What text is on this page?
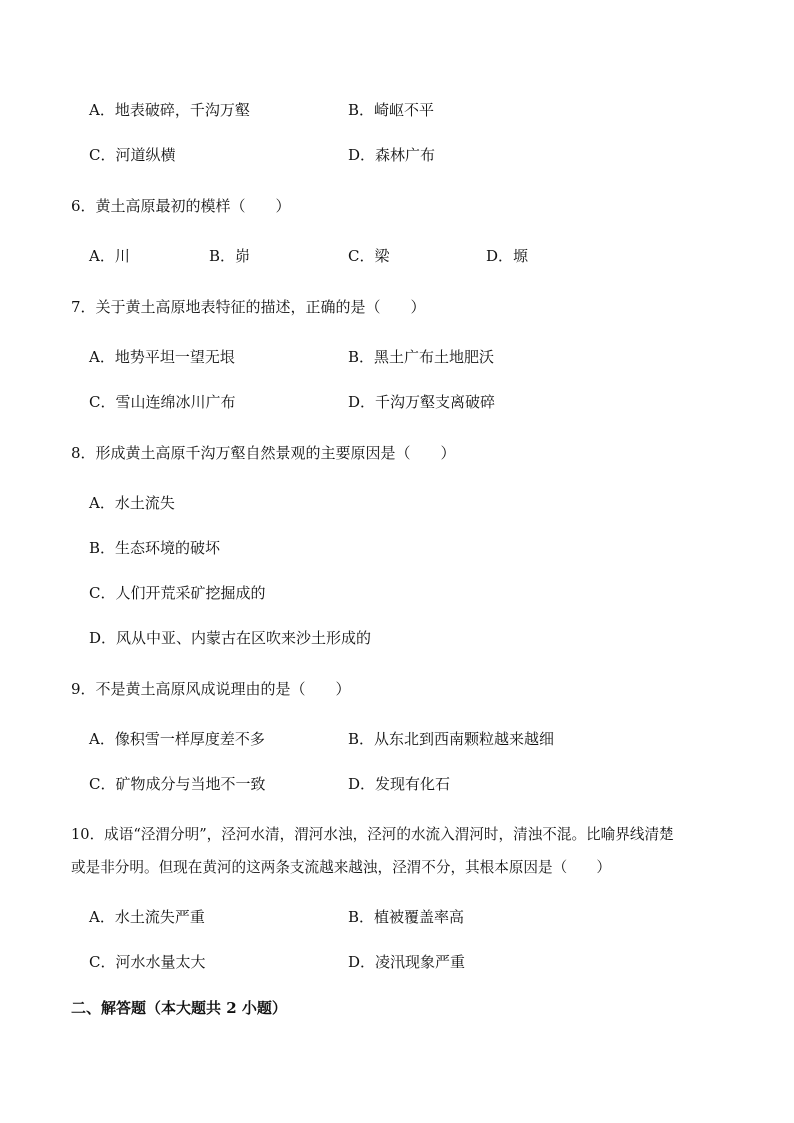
A．地表破碎，千沟万壑	B．崎岖不平
C．河道纵横	D．森林广布
6．黄土高原最初的模样（　　）
A．川	B．峁	C．梁	D．塬
7．关于黄土高原地表特征的描述，正确的是（　　）
A．地势平坦一望无垠	B．黑土广布土地肥沃
C．雪山连绵冰川广布	D．千沟万壑支离破碎
8．形成黄土高原千沟万壑自然景观的主要原因是（　　）
A．水土流失
B．生态环境的破坏
C．人们开荒采矿挖掘成的
D．风从中亚、内蒙古在区吹来沙土形成的
9．不是黄土高原风成说理由的是（　　）
A．像积雪一样厚度差不多	B．从东北到西南颗粒越来越细
C．矿物成分与当地不一致	D．发现有化石
10．成语“泾渭分明”，泾河水清，渭河水浊，泾河的水流入渭河时，清浊不混。比喻界线清楚
或是非分明。但现在黄河的这两条支流越来越浊，泾渭不分，其根本原因是（　　）
A．水土流失严重	B．植被覆盖率高
C．河水水量太大	D．凌汛现象严重
二、解答题（本大题共 2 小题）
